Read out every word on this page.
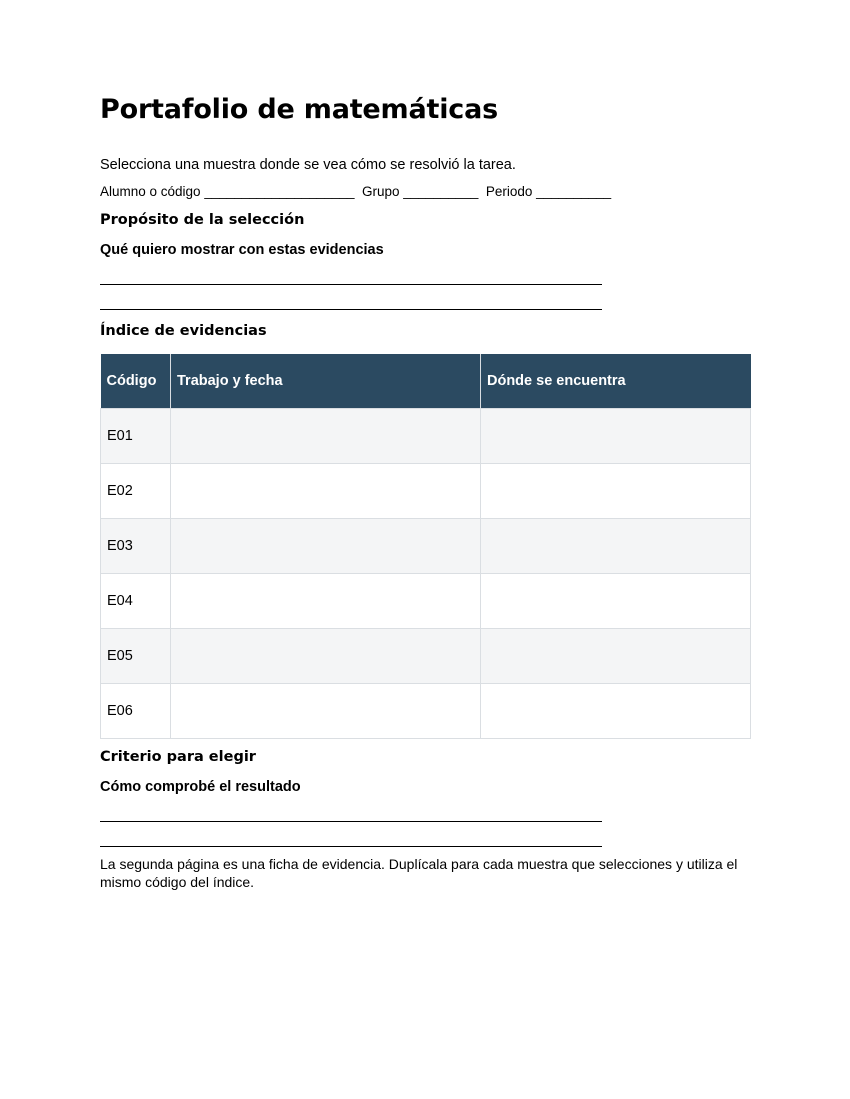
Portafolio de matemáticas
Selecciona una muestra donde se vea cómo se resolvió la tarea.
Alumno o código ____________________  Grupo __________  Periodo __________
Propósito de la selección
Qué quiero mostrar con estas evidencias
Índice de evidencias
Código	Trabajo y fecha	Dónde se encuentra
E01		
E02		
E03		
E04		
E05		
E06		
Criterio para elegir
Cómo comprobé el resultado
La segunda página es una ficha de evidencia. Duplícala para cada muestra que selecciones y utiliza el mismo código del índice.
